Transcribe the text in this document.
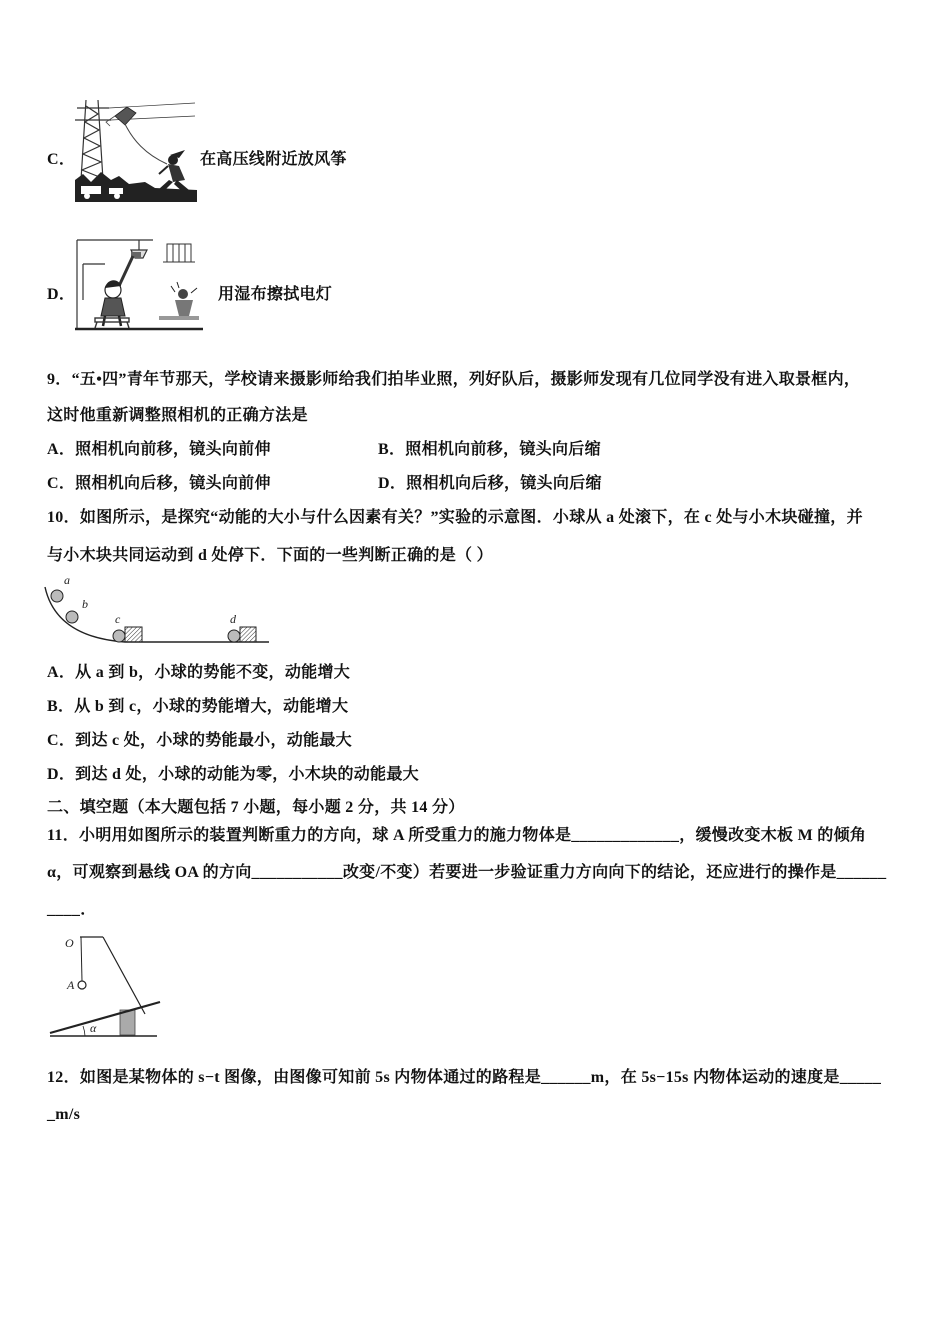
C．	在高压线附近放风筝
D．	用湿布擦拭电灯
9．“五•四”青年节那天，学校请来摄影师给我们拍毕业照，列好队后，摄影师发现有几位同学没有进入取景框内，
这时他重新调整照相机的正确方法是
A．照相机向前移，镜头向前伸	B．照相机向前移，镜头向后缩
C．照相机向后移，镜头向前伸	D．照相机向后移，镜头向后缩
10．如图所示，是探究“动能的大小与什么因素有关？”实验的示意图．小球从 a 处滚下，在 c 处与小木块碰撞，并
与小木块共同运动到 d 处停下．下面的一些判断正确的是（ ）
a
b
c	d
A．从 a 到 b，小球的势能不变，动能增大
B．从 b 到 c，小球的势能增大，动能增大
C．到达 c 处，小球的势能最小，动能最大
D．到达 d 处，小球的动能为零，小木块的动能最大
二、填空题（本大题包括 7 小题，每小题 2 分，共 14 分）
11．小明用如图所示的装置判断重力的方向，球 A 所受重力的施力物体是_____________，缓慢改变木板 M 的倾角
α，可观察到悬线 OA 的方向___________改变/不变）若要进一步验证重力方向向下的结论，还应进行的操作是______
____．
O
A
α
12．如图是某物体的 s−t 图像，由图像可知前 5s 内物体通过的路程是______m，在 5s−15s 内物体运动的速度是_____
_m/s
